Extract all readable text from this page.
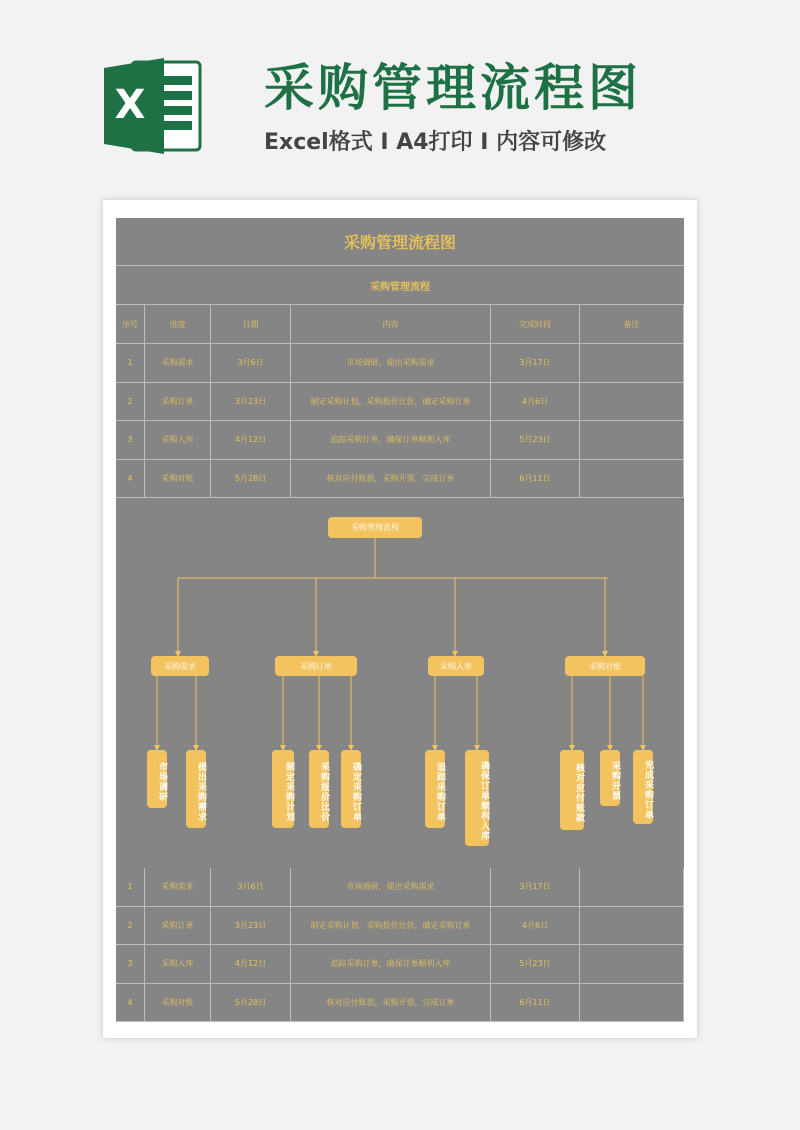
X 采购管理流程图
Excel格式 Ⅰ A4打印 Ⅰ 内容可修改
采购管理流程图
采购管理流程
序号	进度	日期	内容	完成时间	备注
1	采购需求	3月6日	市场调研，提出采购需求	3月17日
2	采购订单	3月23日	制定采购计划，采购报价比价，确定采购订单	4月6日
3	采购入库	4月12日	追踪采购订单，确保订单顺利入库	5月23日
4	采购对账	5月28日	核对应付账款，采购开票，完成订单	6月11日
1	采购需求	3月6日	市场调研，提出采购需求	3月17日
2	采购订单	3月23日	制定采购计划，采购报价比价，确定采购订单	4月6日
3	采购入库	4月12日	追踪采购订单，确保订单顺利入库	5月23日
4	采购对账	5月28日	核对应付账款，采购开票，完成订单	6月11日
采购管理流程
采购需求
市场调研	提出采购需求
采购订单
制定采购计划	采购报价比价	确定采购订单
采购入库
追踪采购订单	确保订单顺利入库
采购对账
核对应付账款	采购开票	完成采购订单
